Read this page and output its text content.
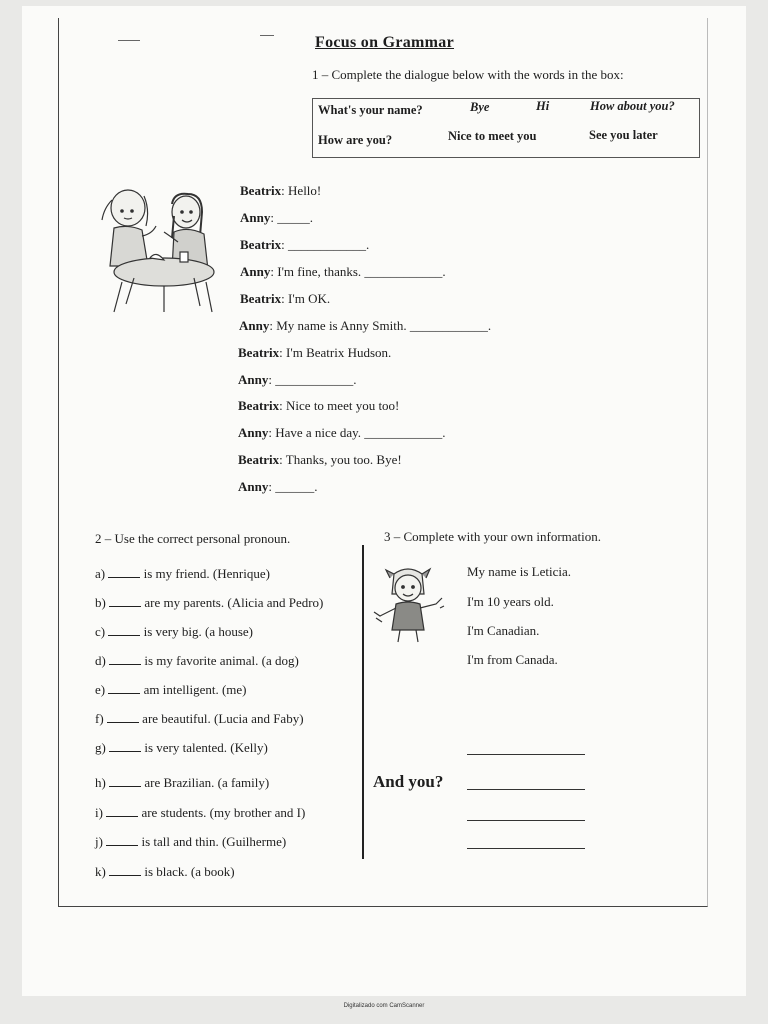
Focus on Grammar
1 – Complete the dialogue below with the words in the box:
What's your name?	Bye	Hi	How about you?
How are you?	Nice to meet you	See you later
Beatrix: Hello!
Anny: _____.
Beatrix: ____________.
Anny: I'm fine, thanks. ____________.
Beatrix: I'm OK.
Anny: My name is Anny Smith. ____________.
Beatrix: I'm Beatrix Hudson.
Anny: ____________.
Beatrix: Nice to meet you too!
Anny: Have a nice day. ____________.
Beatrix: Thanks, you too. Bye!
Anny: ______.
2 – Use the correct personal pronoun.
a)	is my friend. (Henrique)
b)	are my parents. (Alicia and Pedro)
c)	is very big. (a house)
d)	is my favorite animal. (a dog)
e)	am intelligent. (me)
f)	are beautiful. (Lucia and Faby)
g)	is very talented. (Kelly)
h)	are Brazilian. (a family)
i)	are students. (my brother and I)
j)	is tall and thin. (Guilherme)
k)	is black. (a book)
3 – Complete with your own information.
My name is Leticia.
I'm 10 years old.
I'm Canadian.
I'm from Canada.
And you?
Digitalizado com CamScanner
